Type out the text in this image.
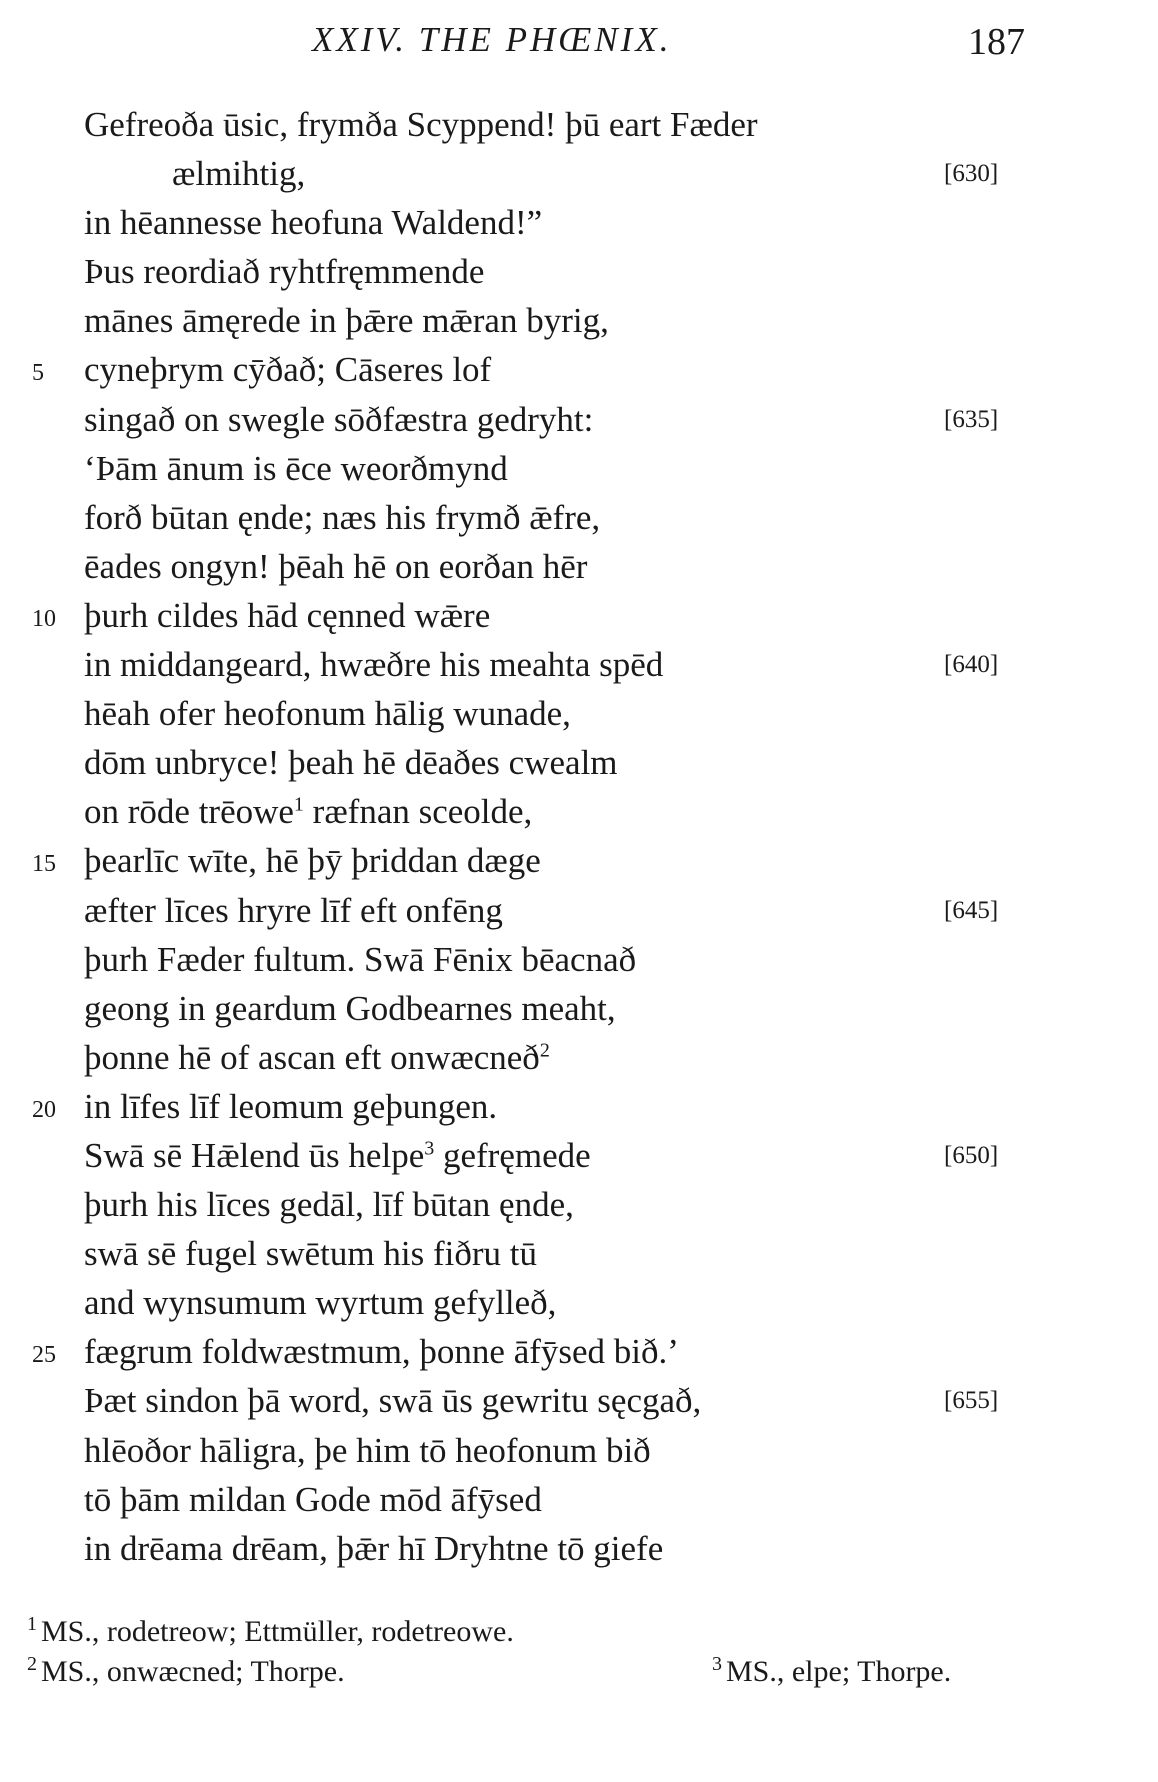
XXIV. THE PHŒNIX.	187
Gefreoða ūsic, frymða Scyppend! þū eart Fæder
ælmihtig,	[630]
in hēannesse heofuna Waldend!”
Þus reordiað ryhtfręmmende
mānes āmęrede in þǣre mǣran byrig,
5 cyneþrym cȳðað; Cāseres lof
singað on swegle sōðfæstra gedryht:	[635]
‘Þām ānum is ēce weorðmynd
forð būtan ęnde; næs his frymð ǣfre,
ēades ongyn! þēah hē on eorðan hēr
10 þurh cildes hād cęnned wǣre
in middangeard, hwæðre his meahta spēd	[640]
hēah ofer heofonum hālig wunade,
dōm unbryce! þeah hē dēaðes cwealm
on rōde trēowe$^1$ ræfnan sceolde,
15 þearlīc wīte, hē þȳ þriddan dæge
æfter līces hryre līf eft onfēng	[645]
þurh Fæder fultum. Swā Fēnix bēacnað
geong in geardum Godbearnes meaht,
þonne hē of ascan eft onwæcneð$^2$
20 in līfes līf leomum geþungen.
Swā sē Hǣlend ūs helpe$^3$ gefręmede	[650]
þurh his līces gedāl, līf būtan ęnde,
swā sē fugel swētum his fiðru tū
and wynsumum wyrtum gefylleð,
25 fægrum foldwæstmum, þonne āfȳsed bið.’
Þæt sindon þā word, swā ūs gewritu sęcgað,	[655]
hlēoðor hāligra, þe him tō heofonum bið
tō þām mildan Gode mōd āfȳsed
in drēama drēam, þǣr hī Dryhtne tō giefe
$^1$ MS., rodetreow; Ettmüller, rodetreowe.
$^2$ MS., onwæcned; Thorpe.	$^3$ MS., elpe; Thorpe.
